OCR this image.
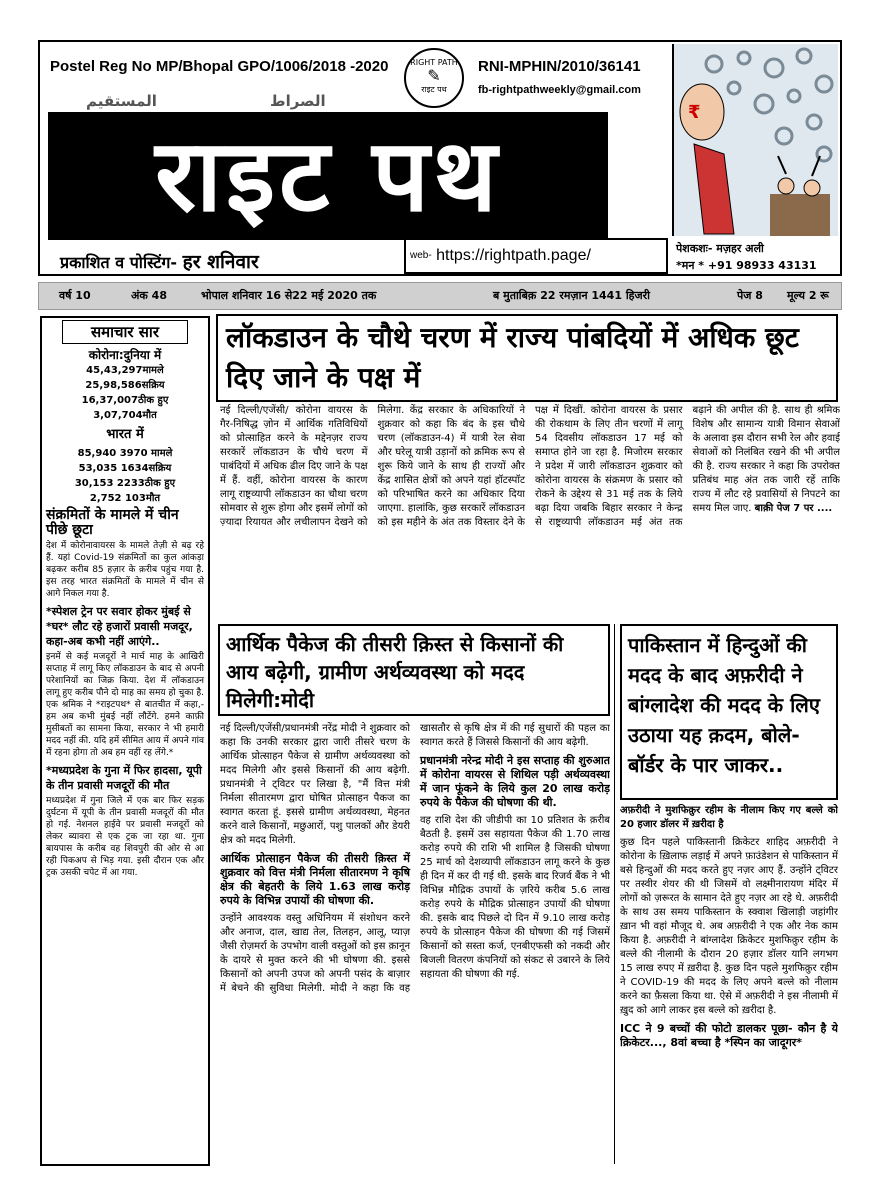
Postel Reg No MP/Bhopal GPO/1006/2018 -2020	RNI-MPHIN/2010/36141
fb-rightpathweekly@gmail.com
RIGHT PATH
✎
राइट पथ
المستقیم	الصراط
राइट पथ
₹
प्रकाशित व पोस्टिंग- हर शनिवार	$^{web-}$ https://rightpath.page/	पेशकशः- मज़हर अली
*मन * +91 98933 43131
वर्ष 10	अंक 48	भोपाल शनिवार 16 से22 मई 2020 तक	ब मुताबिक़ 22 रमज़ान 1441 हिजरी	पेज 8 मूल्य 2 रू
समाचार सार
कोरोना:दुनिया में
45,43,297मामले
25,98,586सक्रिय
16,37,007ठीक हुए
3,07,704मौत
भारत में
85,940 3970 मामले
53,035 1634सक्रिय
30,153 2233ठीक हुए
2,752 103मौत
संक्रमितों के मामले में चीन पीछे छूटा

देश में कोरोनावायरस के मामले तेज़ी से बढ़ रहे हैं. यहां Covid-19 संक्रमितों का कुल आंकड़ा बढ़कर करीब 85 हज़ार के क़रीब पहुंच गया है. इस तरह भारत संक्रमितों के मामले में चीन से आगे निकल गया है.

*स्पेशल ट्रेन पर सवार होकर मुंबई से *घर* लौट रहे हजारों प्रवासी मजदूर, कहा-अब कभी नहीं आएंगे..

इनमें से कई मजदूरों ने मार्च माह के आखिरी सप्ताह में लागू किए लॉकडाउन के बाद से अपनी परेशानियों का जिक्र किया. देश में लॉकडाउन लागू हुए करीब पौने दो माह का समय हो चुका है. एक श्रमिक ने *राइटपथ* से बातचीत में कहा,-हम अब कभी मुंबई नहीं लौटेंगे. हमने काफ़ी मुसीबतों का सामना किया, सरकार ने भी हमारी मदद नहीं की. यदि हमें सीमित आय में अपने गांव में रहना होगा तो अब हम वहीं रह लेंगे.*

*मध्यप्रदेश के गुना में फिर हादसा, यूपी के तीन प्रवासी मजदूरों की मौत

मध्यप्रदेश में गुना जिले में एक बार फिर सड़क दुर्घटना में यूपी के तीन प्रवासी मजदूरों की मौत हो गई. नेशनल हाईवे पर प्रवासी मजदूरों को लेकर ब्यावरा से एक ट्रक जा रहा था. गुना बायपास के करीब वह शिवपुरी की ओर से आ रही पिकअप से भिड़ गया. इसी दौरान एक और ट्रक उसकी चपेट में आ गया.

लॉकडाउन के चौथे चरण में राज्य पांबदियों में अधिक छूट दिए जाने के पक्ष में
नई दिल्ली/एजेंसी/ कोरोना वायरस के गैर-निषिद्ध ज़ोन में आर्थिक गतिविधियों को प्रोत्साहित करने के मद्देनज़र राज्य सरकारें लॉकडाउन के चौथे चरण में पाबंदियों में अधिक ढील दिए जाने के पक्ष में हैं. वहीं, कोरोना वायरस के कारण लागू राष्ट्रव्यापी लॉकडाउन का चौथा चरण सोमवार से शुरू होगा और इसमें लोगों को ज़्यादा रियायत और लचीलापन देखने को मिलेगा. केंद्र सरकार के अधिकारियों ने शुक्रवार को कहा कि बंद के इस चौथे चरण (लॉकडाउन-4) में यात्री रेल सेवा और घरेलू यात्री उड़ानों को क्रमिक रूप से शुरू किये जाने के साथ ही राज्यों और केंद्र शासित क्षेत्रों को अपने यहां हॉटस्पॉट को परिभाषित करने का अधिकार दिया जाएगा. हालांकि, कुछ सरकारें लॉकडाउन को इस महीने के अंत तक विस्तार देने के पक्ष में दिखीं. कोरोना वायरस के प्रसार की रोकथाम के लिए तीन चरणों में लागू 54 दिवसीय लॉकडाउन 17 मई को समाप्त होने जा रहा है. मिजोरम सरकार ने प्रदेश में जारी लॉकडाउन शुक्रवार को कोरोना वायरस के संक्रमण के प्रसार को रोकने के उद्देश्य से 31 मई तक के लिये बढ़ा दिया जबकि बिहार सरकार ने केन्द्र से राष्ट्रव्यापी लॉकडाउन मई अंत तक बढ़ाने की अपील की है. साथ ही श्रमिक विशेष और सामान्य यात्री विमान सेवाओं के अलावा इस दौरान सभी रेल और हवाई सेवाओं को निलंबित रखने की भी अपील की है. राज्य सरकार ने कहा कि उपरोक्त प्रतिबंध माह अंत तक जारी रहें ताकि राज्य में लौट रहे प्रवासियों से निपटने का समय मिल जाए. बाक़ी पेज 7 पर ....
आर्थिक पैकेज की तीसरी क़िस्त से किसानों की आय बढ़ेगी, ग्रामीण अर्थव्यवस्था को मदद मिलेगी:मोदी

नई दिल्ली/एजेंसी/प्रधानमंत्री नरेंद्र मोदी ने शुक्रवार को कहा कि उनकी सरकार द्वारा जारी तीसरे चरण के आर्थिक प्रोत्साहन पैकेज से ग्रामीण अर्थव्यवस्था को मदद मिलेगी और इससे किसानों की आय बढ़ेगी. प्रधानमंत्री ने ट्विटर पर लिखा है, "मैं वित्त मंत्री निर्मला सीतारमण द्वारा घोषित प्रोत्साहन पैकज का स्वागत करता हूं. इससे ग्रामीण अर्थव्यवस्था, मेहनत करने वाले किसानों, मछुआरों, पशु पालकों और डेयरी क्षेत्र को मदद मिलेगी.

आर्थिक प्रोत्साहन पैकेज की तीसरी क़िस्त में शुक्रवार को वित्त मंत्री निर्मला सीतारमण ने कृषि क्षेत्र की बेहतरी के लिये 1.63 लाख करोड़ रुपये के विभिन्न उपायों की घोषणा की.

उन्होंने आवश्यक वस्तु अधिनियम में संशोधन करने और अनाज, दाल, खाद्य तेल, तिलहन, आलू, प्याज़ जैसी रोज़मर्रा के उपभोग वाली वस्तुओं को इस क़ानून के दायरे से मुक्त करने की भी घोषणा की. इससे किसानों को अपनी उपज को अपनी पसंद के बाज़ार में बेचने की सुविधा मिलेगी. मोदी ने कहा कि वह खासतौर से कृषि क्षेत्र में की गई सुधारों की पहल का स्वागत करते हैं जिससे किसानों की आय बढ़ेगी.

प्रधानमंत्री नरेन्द्र मोदी ने इस सप्ताह की शुरुआत में कोरोना वायरस से शिथिल पड़ी अर्थव्यवस्था में जान फूंकने के लिये कुल 20 लाख करोड़ रुपये के पैकेज की घोषणा की थी.

वह राशि देश की जीडीपी का 10 प्रतिशत के क़रीब बैठती है. इसमें उस सहायता पैकेज की 1.70 लाख करोड़ रुपये की राशि भी शामिल है जिसकी घोषणा 25 मार्च को देशव्यापी लॉकडाउन लागू करने के कुछ ही दिन में कर दी गई थी. इसके बाद रिजर्व बैंक ने भी विभिन्न मौद्रिक उपायों के ज़रिये करीब 5.6 लाख करोड़ रुपये के मौद्रिक प्रोत्साहन उपायों की घोषणा की. इसके बाद पिछले दो दिन में 9.10 लाख करोड़ रुपये के प्रोत्साहन पैकेज की घोषणा की गई जिसमें किसानों को सस्ता कर्ज, एनबीएफसी को नकदी और बिजली वितरण कंपनियों को संकट से उबारने के लिये सहायता की घोषणा की गई.

पाकिस्तान में हिन्दुओं की मदद के बाद अफ़रीदी ने बांग्लादेश की मदद के लिए उठाया यह क़दम, बोले- बॉर्डर के पार जाकर..

अफ़रीदी ने मुशफिक़ुर रहीम के नीलाम किए गए बल्ले को 20 हजार डॉलर में ख़रीदा है

कुछ दिन पहले पाकिस्तानी क्रिकेटर शाहिद अफ़रीदी ने कोरोना के ख़िलाफ लड़ाई में अपने फ़ाउंडेशन से पाकिस्तान में बसे हिन्दुओं की मदद करते हुए नज़र आए हैं. उन्होंने ट्विटर पर तस्वीर शेयर की थी जिसमें वो लक्ष्मीनारायण मंदिर में लोगों को ज़रूरत के सामान देते हुए नज़र आ रहे थे. अफ़रीदी के साथ उस समय पाकिस्तान के स्क्वाश खिलाड़ी जहांगीर ख़ान भी वहां मौजूद थे. अब अफ़रीदी ने एक और नेक काम किया है. अफ़रीदी ने बांग्लादेश क्रिकेटर मुशफिक़ुर रहीम के बल्ले की नीलामी के दौरान 20 हज़ार डॉलर यानि लगभग 15 लाख रुपए में ख़रीदा है. कुछ दिन पहले मुशफिक़ुर रहीम ने COVID-19 की मदद के लिए अपने बल्ले को नीलाम करने का फ़ैसला किया था. ऐसे में अफ़रीदी ने इस नीलामी में ख़ुद को आगे लाकर इस बल्ले को ख़रीदा है.

ICC ने 9 बच्चों की फोटो डालकर पूछा- कौन है ये क्रिकेटर..., 8वां बच्चा है *स्पिन का जादूगर*
